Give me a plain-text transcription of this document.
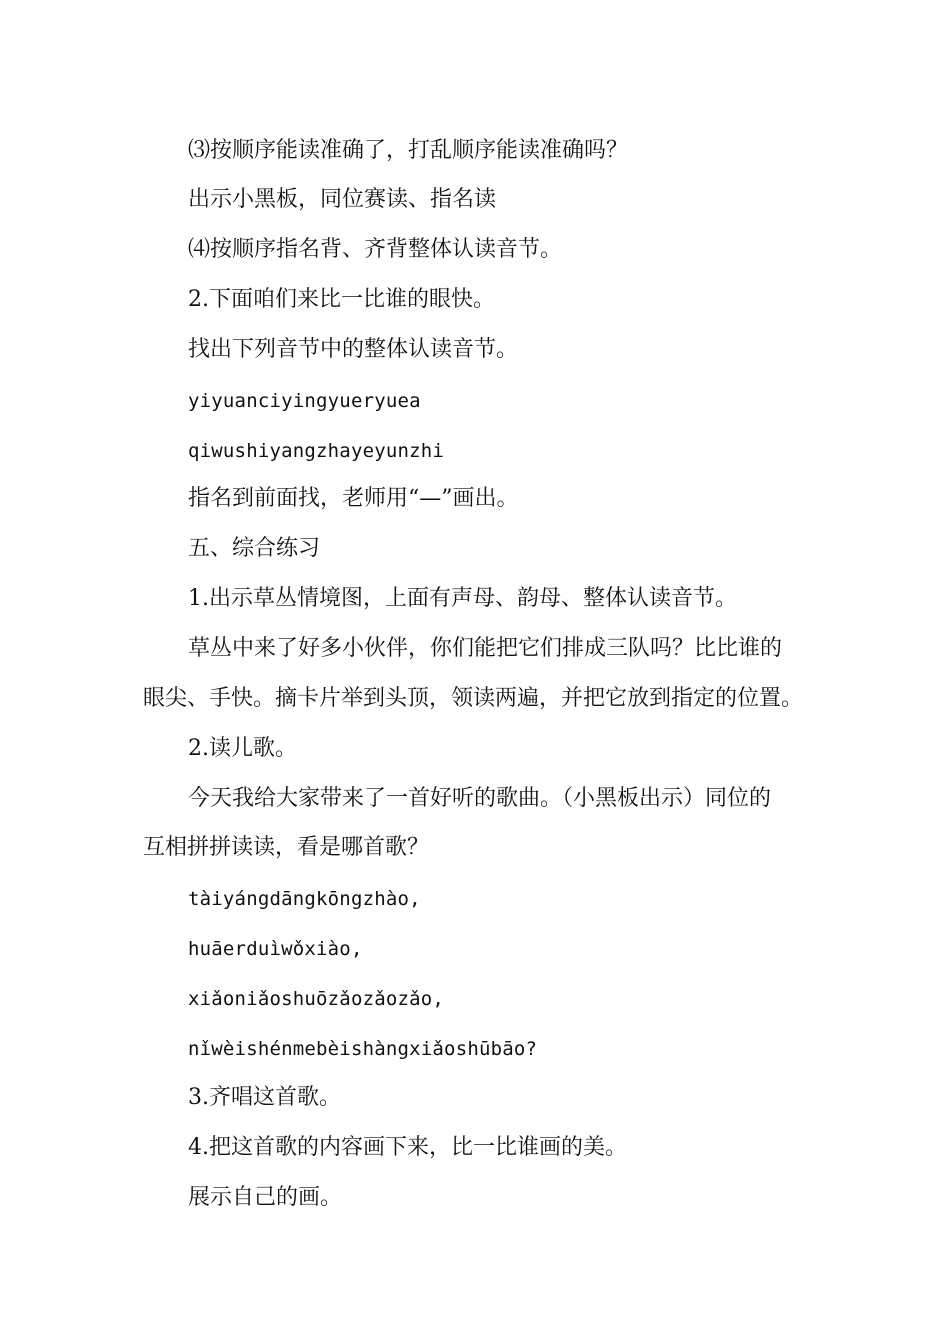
⑶按顺序能读准确了，打乱顺序能读准确吗？

出示小黑板，同位赛读、指名读

⑷按顺序指名背、齐背整体认读音节。

2.下面咱们来比一比谁的眼快。

找出下列音节中的整体认读音节。

yiyuanciyingyueryuea

qiwushiyangzhayeyunzhi

指名到前面找，老师用“—”画出。

五、综合练习

1.出示草丛情境图，上面有声母、韵母、整体认读音节。

草丛中来了好多小伙伴，你们能把它们排成三队吗？比比谁的

眼尖、手快。摘卡片举到头顶，领读两遍，并把它放到指定的位置。

2.读儿歌。

今天我给大家带来了一首好听的歌曲。（小黑板出示）同位的

互相拼拼读读，看是哪首歌？

tàiyángdāngkōngzhào,

huāerduìwǒxiào,

xiǎoniǎoshuōzǎozǎozǎo,

nǐwèishénmebèishàngxiǎoshūbāo?

3.齐唱这首歌。

4.把这首歌的内容画下来，比一比谁画的美。

展示自己的画。
